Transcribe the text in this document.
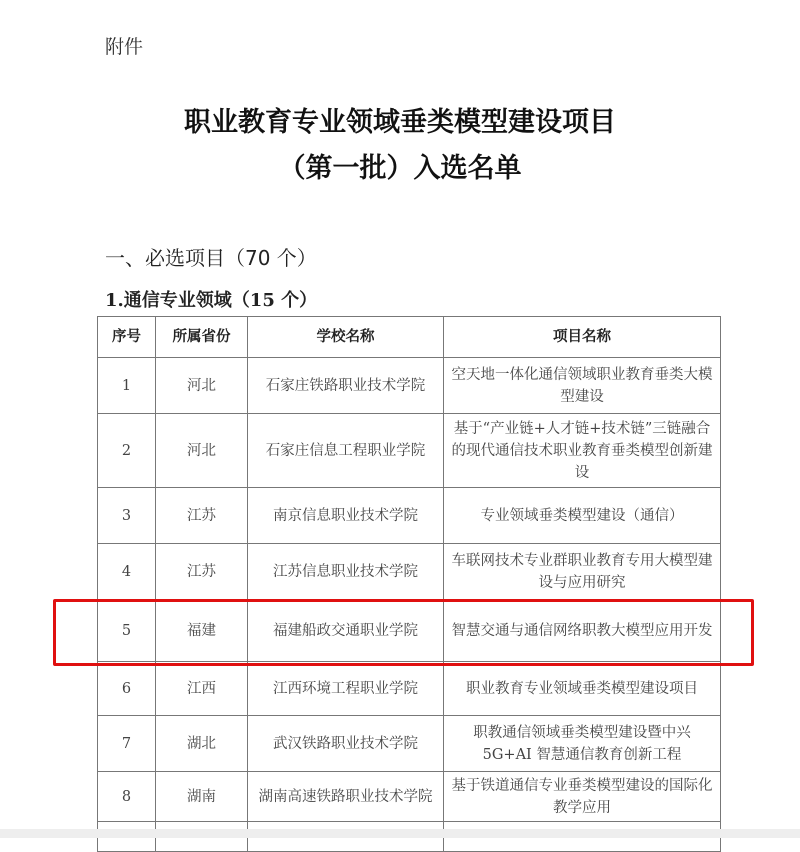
附件
职业教育专业领域垂类模型建设项目
（第一批）入选名单
一、必选项目（70 个）
1.通信专业领域（15 个）
序号	所属省份	学校名称	项目名称
1	河北	石家庄铁路职业技术学院	空天地一体化通信领域职业教育垂类大模型建设
2	河北	石家庄信息工程职业学院	基于“产业链+人才链+技术链”三链融合的现代通信技术职业教育垂类模型创新建设
3	江苏	南京信息职业技术学院	专业领域垂类模型建设（通信）
4	江苏	江苏信息职业技术学院	车联网技术专业群职业教育专用大模型建设与应用研究
5	福建	福建船政交通职业学院	智慧交通与通信网络职教大模型应用开发
6	江西	江西环境工程职业学院	职业教育专业领域垂类模型建设项目
7	湖北	武汉铁路职业技术学院	职教通信领域垂类模型建设暨中兴 5G+AI 智慧通信教育创新工程
8	湖南	湖南高速铁路职业技术学院	基于铁道通信专业垂类模型建设的国际化教学应用
